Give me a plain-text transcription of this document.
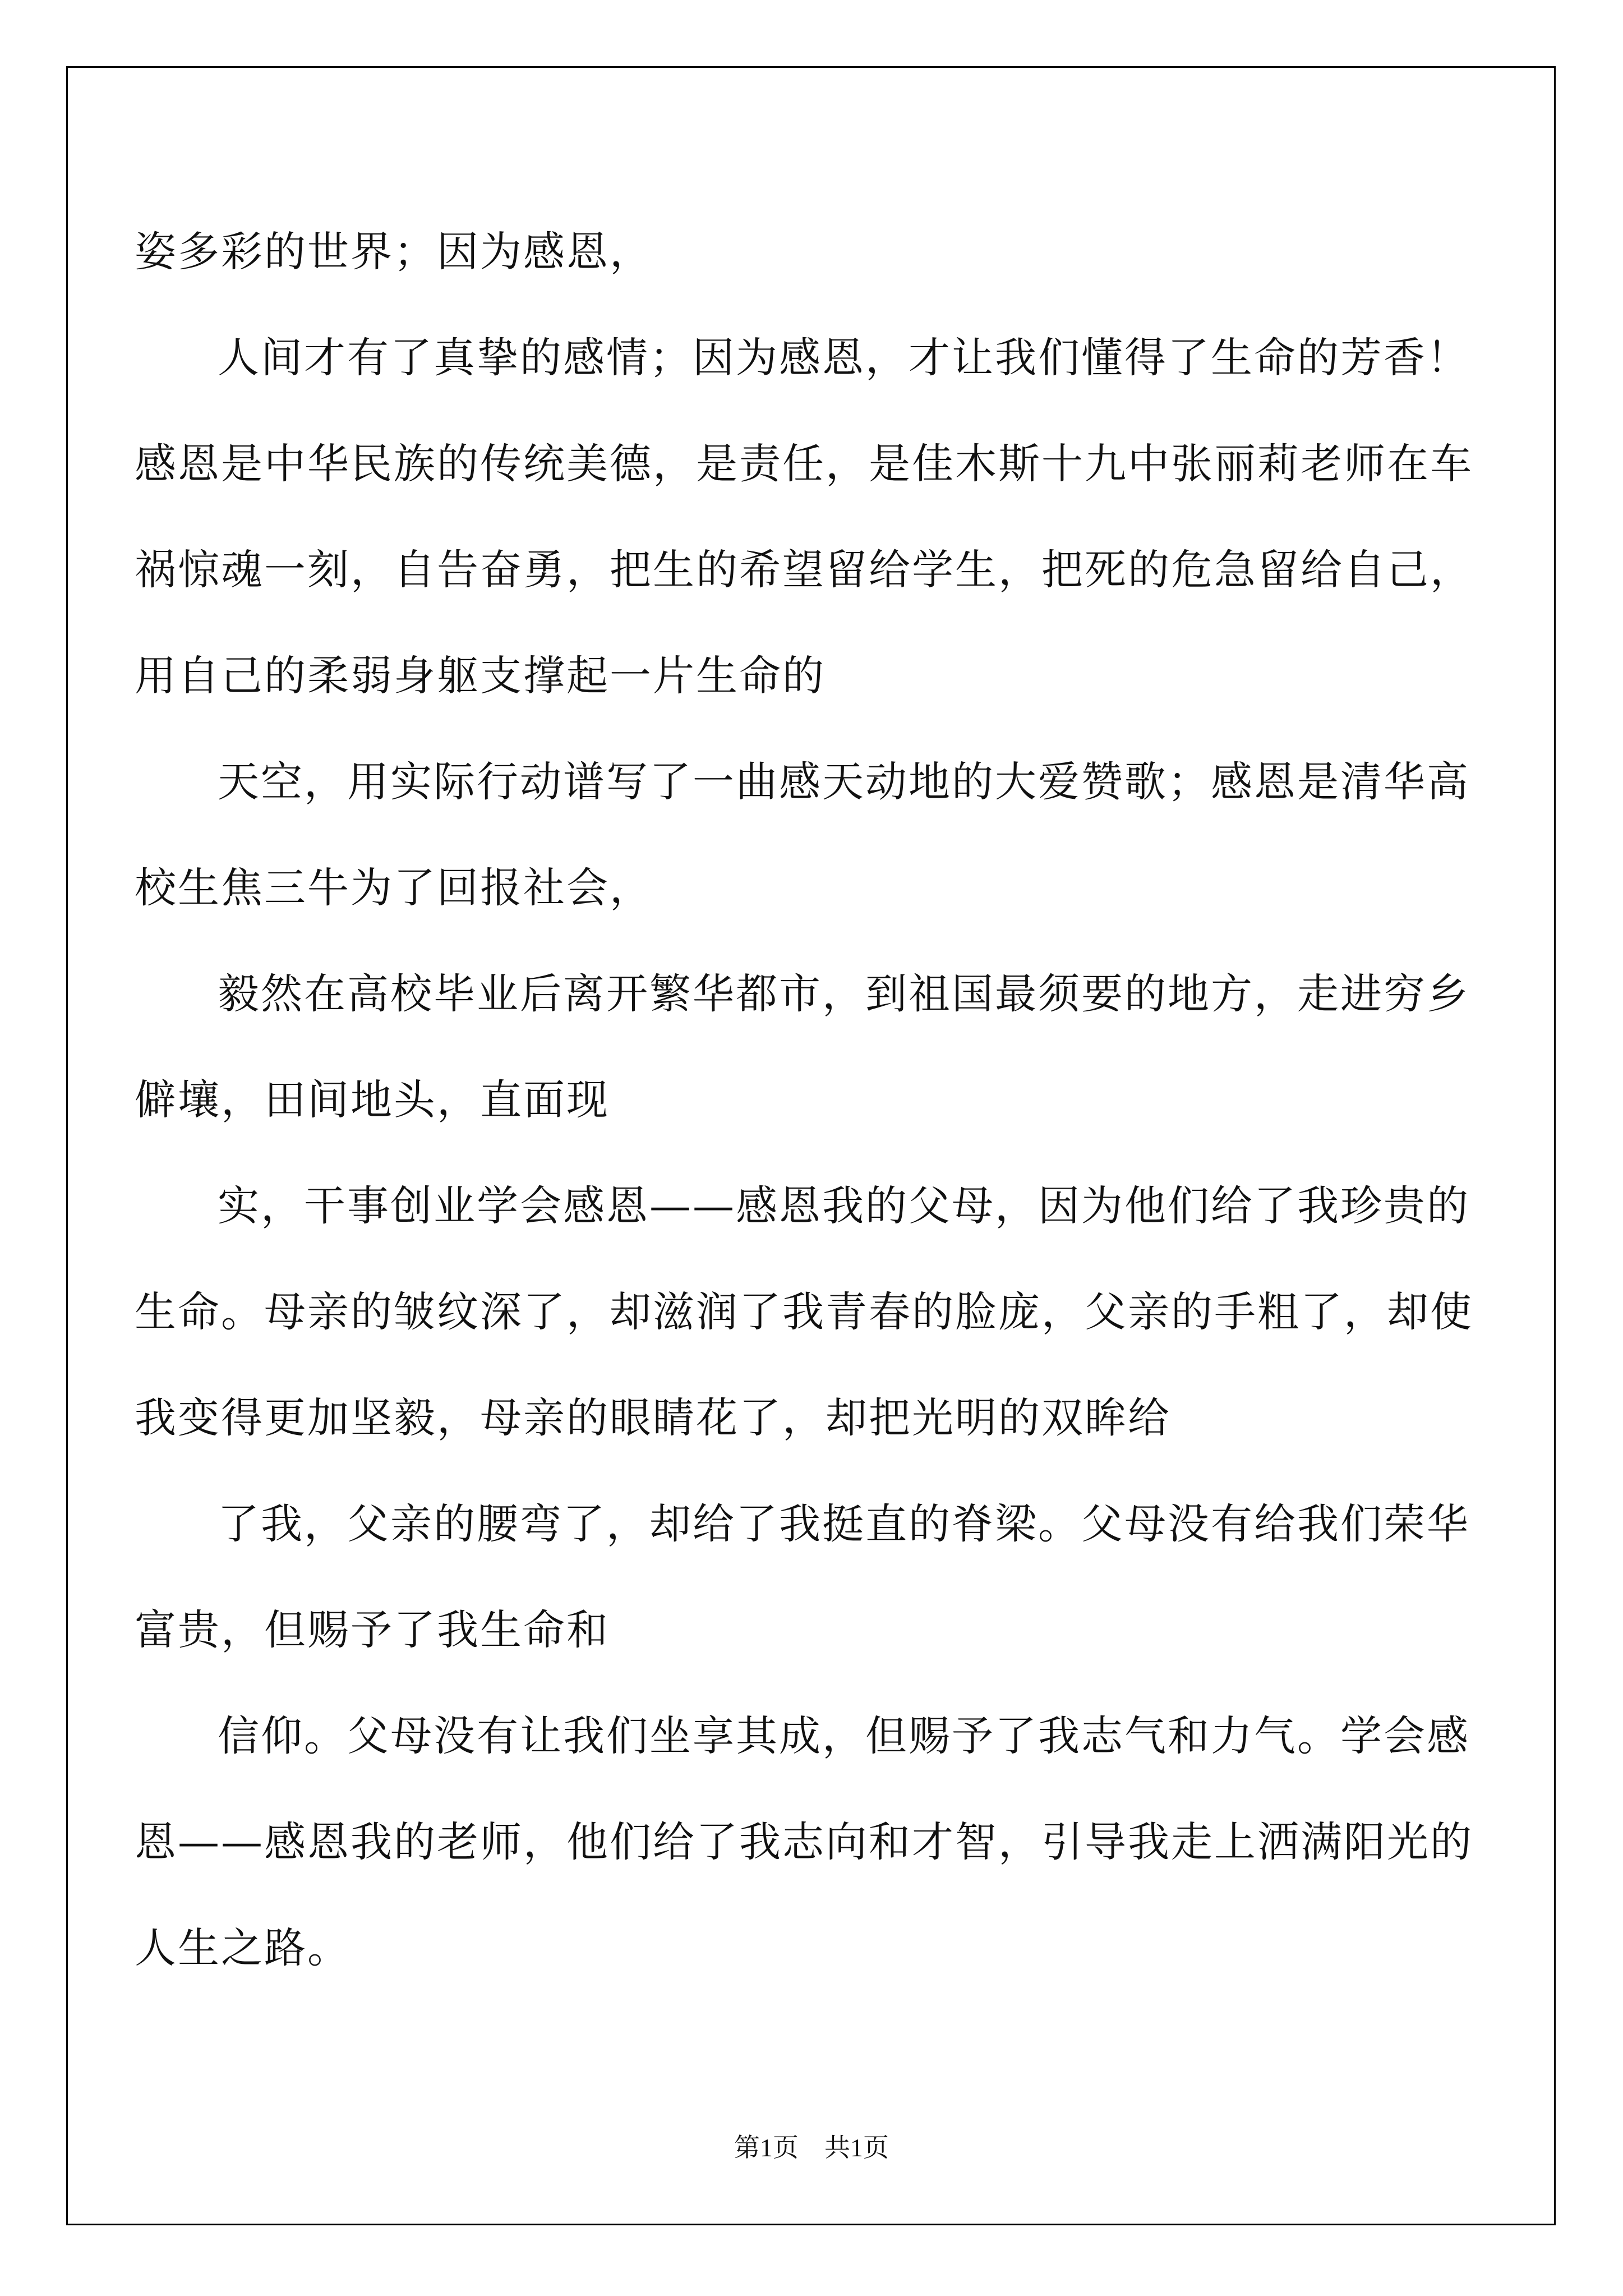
姿多彩的世界；因为感恩，

人间才有了真挚的感情；因为感恩，才让我们懂得了生命的芳香！感恩是中华民族的传统美德，是责任，是佳木斯十九中张丽莉老师在车祸惊魂一刻，自告奋勇，把生的希望留给学生，把死的危急留给自己，用自己的柔弱身躯支撑起一片生命的

天空，用实际行动谱写了一曲感天动地的大爱赞歌；感恩是清华高校生焦三牛为了回报社会，

毅然在高校毕业后离开繁华都市，到祖国最须要的地方，走进穷乡僻壤，田间地头，直面现

实，干事创业学会感恩——感恩我的父母，因为他们给了我珍贵的生命。母亲的皱纹深了，却滋润了我青春的脸庞，父亲的手粗了，却使我变得更加坚毅，母亲的眼睛花了，却把光明的双眸给

了我，父亲的腰弯了，却给了我挺直的脊梁。父母没有给我们荣华富贵，但赐予了我生命和

信仰。父母没有让我们坐享其成，但赐予了我志气和力气。学会感恩——感恩我的老师，他们给了我志向和才智，引导我走上洒满阳光的人生之路。

第1页 共1页
